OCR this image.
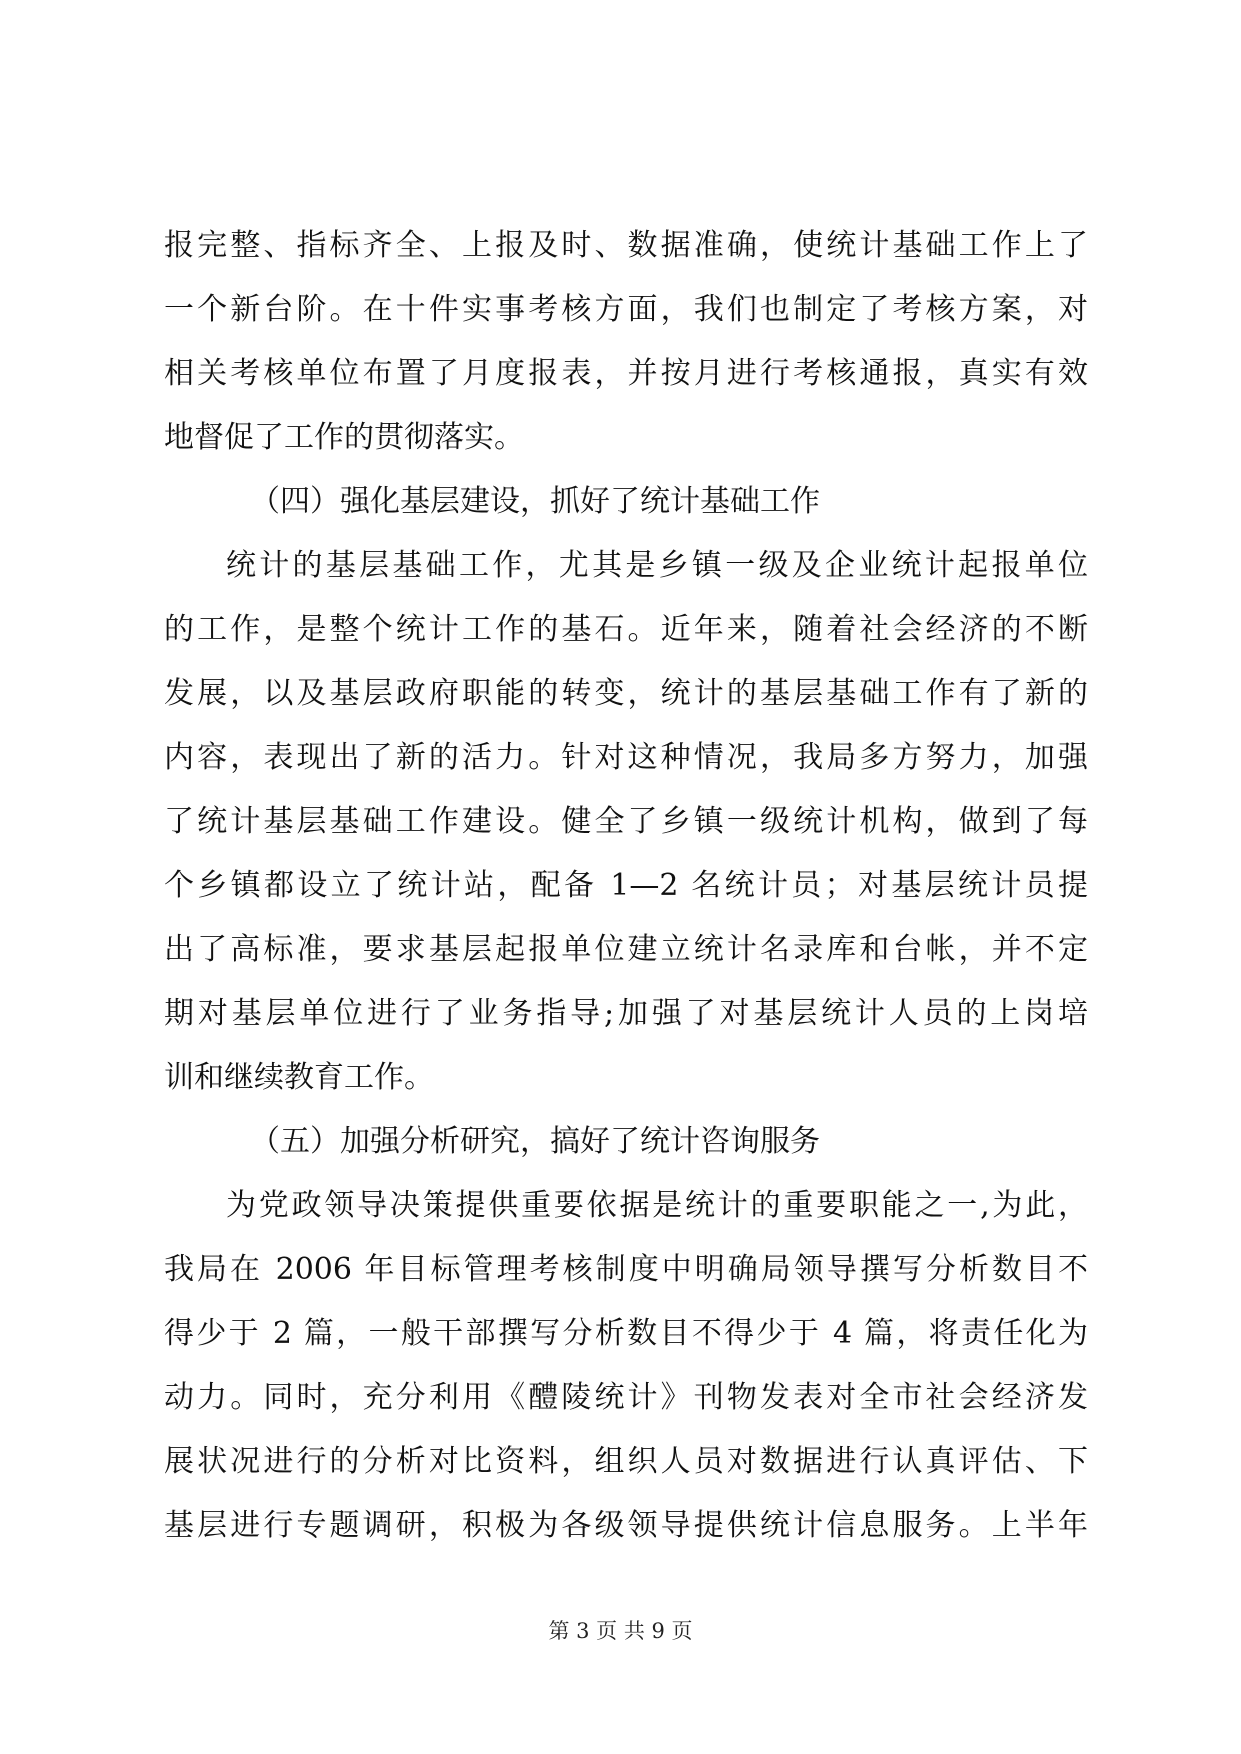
报完整、指标齐全、上报及时、数据准确，使统计基础工作上了
一个新台阶。在十件实事考核方面，我们也制定了考核方案，对
相关考核单位布置了月度报表，并按月进行考核通报，真实有效
地督促了工作的贯彻落实。
（四）强化基层建设，抓好了统计基础工作
统计的基层基础工作，尤其是乡镇一级及企业统计起报单位
的工作，是整个统计工作的基石。近年来，随着社会经济的不断
发展，以及基层政府职能的转变，统计的基层基础工作有了新的
内容，表现出了新的活力。针对这种情况，我局多方努力，加强
了统计基层基础工作建设。健全了乡镇一级统计机构，做到了每
个乡镇都设立了统计站，配备 1—2 名统计员；对基层统计员提
出了高标准，要求基层起报单位建立统计名录库和台帐，并不定
期对基层单位进行了业务指导;加强了对基层统计人员的上岗培
训和继续教育工作。
（五）加强分析研究，搞好了统计咨询服务
为党政领导决策提供重要依据是统计的重要职能之一,为此，
我局在 2006 年目标管理考核制度中明确局领导撰写分析数目不
得少于 2 篇，一般干部撰写分析数目不得少于 4 篇，将责任化为
动力。同时，充分利用《醴陵统计》刊物发表对全市社会经济发
展状况进行的分析对比资料，组织人员对数据进行认真评估、下
基层进行专题调研，积极为各级领导提供统计信息服务。上半年
第 3 页 共 9 页
